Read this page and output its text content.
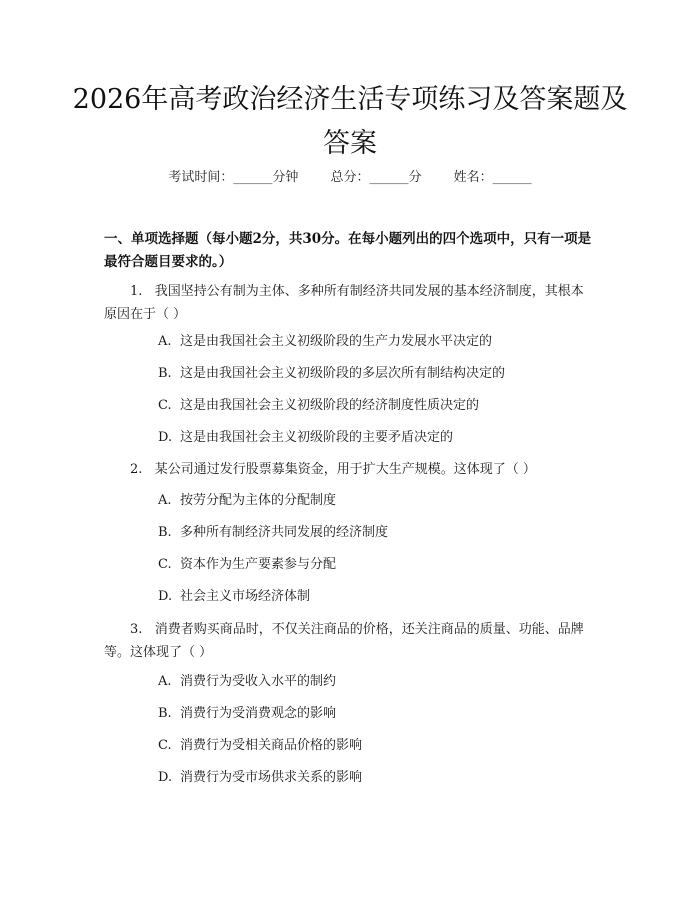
2026年高考政治经济生活专项练习及答案题及答案
考试时间：______分钟 总分：______分 姓名：______
一、单项选择题（每小题2分，共30分。在每小题列出的四个选项中，只有一项是最符合题目要求的。）
1.   我国坚持公有制为主体、多种所有制经济共同发展的基本经济制度，其根本原因在于（ ）
A. 这是由我国社会主义初级阶段的生产力发展水平决定的
B. 这是由我国社会主义初级阶段的多层次所有制结构决定的
C. 这是由我国社会主义初级阶段的经济制度性质决定的
D. 这是由我国社会主义初级阶段的主要矛盾决定的
2.   某公司通过发行股票募集资金，用于扩大生产规模。这体现了（ ）
A. 按劳分配为主体的分配制度
B. 多种所有制经济共同发展的经济制度
C. 资本作为生产要素参与分配
D. 社会主义市场经济体制
3.   消费者购买商品时，不仅关注商品的价格，还关注商品的质量、功能、品牌等。这体现了（ ）
A. 消费行为受收入水平的制约
B. 消费行为受消费观念的影响
C. 消费行为受相关商品价格的影响
D. 消费行为受市场供求关系的影响
